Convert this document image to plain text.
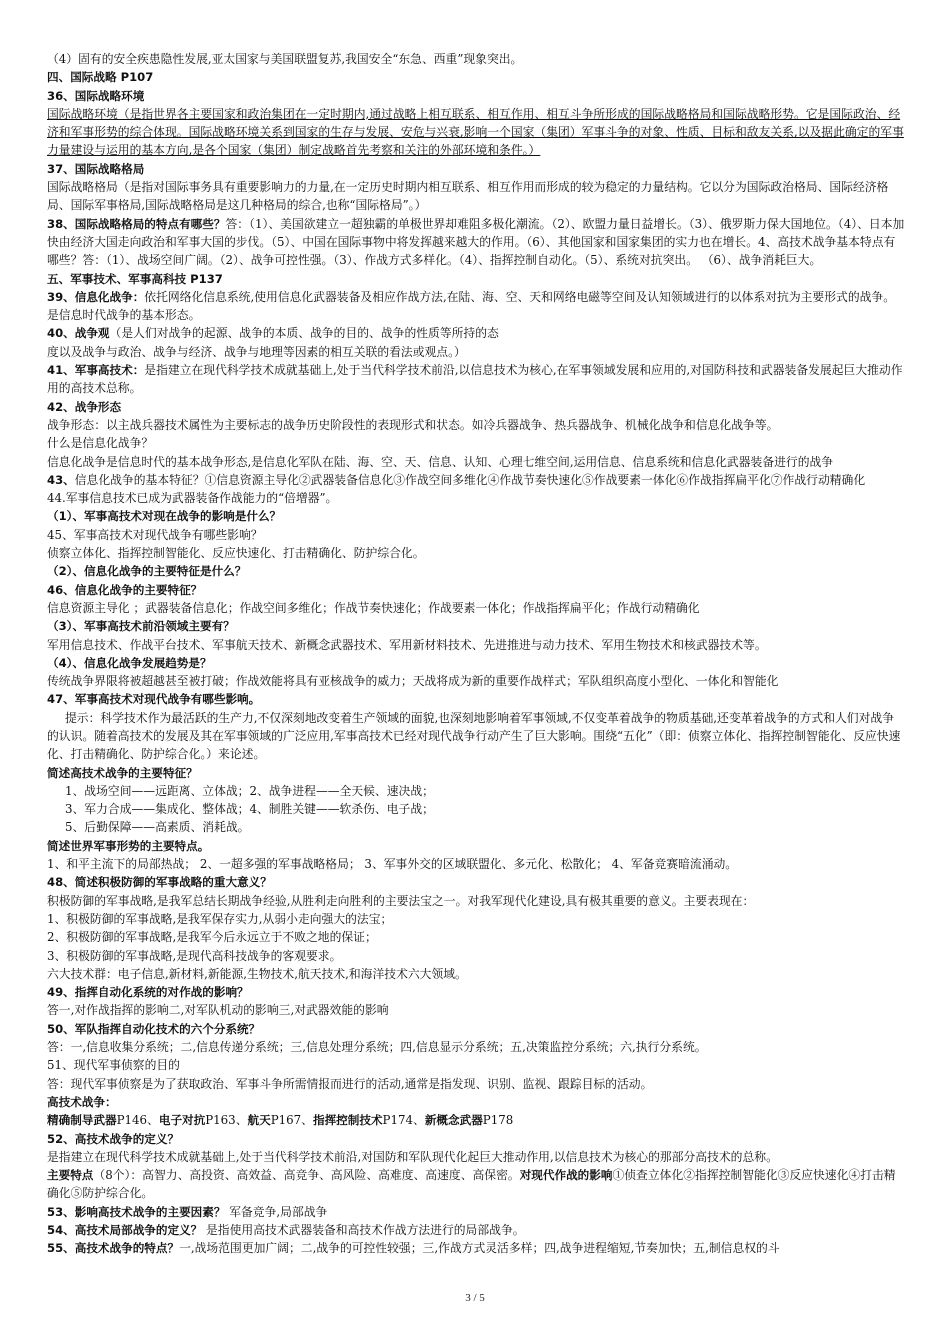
（4）固有的安全疾患隐性发展,亚太国家与美国联盟复苏,我国安全“东急、西重”现象突出。

四、国际战略 P107

36、国际战略环境

国际战略环境（是指世界各主要国家和政治集团在一定时期内,通过战略上相互联系、相互作用、相互斗争所形成的国际战略格局和国际战略形势。它是国际政治、经济和军事形势的综合体现。国际战略环境关系到国家的生存与发展、安危与兴衰,影响一个国家（集团）军事斗争的对象、性质、目标和敌友关系,以及据此确定的军事力量建设与运用的基本方向,是各个国家（集团）制定战略首先考察和关注的外部环境和条件。）

37、国际战略格局

国际战略格局（是指对国际事务具有重要影响力的力量,在一定历史时期内相互联系、相互作用而形成的较为稳定的力量结构。它以分为国际政治格局、国际经济格局、国际军事格局,国际战略格局是这几种格局的综合,也称“国际格局”。）

38、国际战略格局的特点有哪些？答：（1）、美国欲建立一超独霸的单极世界却难阻多极化潮流。（2）、欧盟力量日益增长。（3）、俄罗斯力保大国地位。（4）、日本加快由经济大国走向政治和军事大国的步伐。（5）、中国在国际事物中将发挥越来越大的作用。（6）、其他国家和国家集团的实力也在增长。4、高技术战争基本特点有哪些？答：（1）、战场空间广阔。（2）、战争可控性强。（3）、作战方式多样化。（4）、指挥控制自动化。（5）、系统对抗突出。 （6）、战争消耗巨大。

五、军事技术、军事高科技 P137

39、信息化战争：依托网络化信息系统,使用信息化武器装备及相应作战方法,在陆、海、空、天和网络电磁等空间及认知领域进行的以体系对抗为主要形式的战争。是信息时代战争的基本形态。

40、战争观（是人们对战争的起源、战争的本质、战争的目的、战争的性质等所持的态

度以及战争与政治、战争与经济、战争与地理等因素的相互关联的看法或观点。）

41、军事高技术：是指建立在现代科学技术成就基础上,处于当代科学技术前沿,以信息技术为核心,在军事领域发展和应用的,对国防科技和武器装备发展起巨大推动作用的高技术总称。

42、战争形态

战争形态：以主战兵器技术属性为主要标志的战争历史阶段性的表现形式和状态。如冷兵器战争、热兵器战争、机械化战争和信息化战争等。

什么是信息化战争？

信息化战争是信息时代的基本战争形态,是信息化军队在陆、海、空、天、信息、认知、心理七维空间,运用信息、信息系统和信息化武器装备进行的战争

43、信息化战争的基本特征？①信息资源主导化②武器装备信息化③作战空间多维化④作战节奏快速化⑤作战要素一体化⑥作战指挥扁平化⑦作战行动精确化

44.军事信息技术已成为武器装备作战能力的“倍增器”。

（1）、军事高技术对现在战争的影响是什么？

45、军事高技术对现代战争有哪些影响？

侦察立体化、指挥控制智能化、反应快速化、打击精确化、防护综合化。

（2）、信息化战争的主要特征是什么？

46、信息化战争的主要特征？

信息资源主导化 ；武器装备信息化；作战空间多维化；作战节奏快速化；作战要素一体化；作战指挥扁平化；作战行动精确化

（3）、军事高技术前沿领域主要有？

军用信息技术、作战平台技术、军事航天技术、新概念武器技术、军用新材料技术、先进推进与动力技术、军用生物技术和核武器技术等。

（4）、信息化战争发展趋势是？

传统战争界限将被超越甚至被打破；作战效能将具有亚核战争的威力；天战将成为新的重要作战样式；军队组织高度小型化、一体化和智能化

47、军事高技术对现代战争有哪些影响。

提示：科学技术作为最活跃的生产力,不仅深刻地改变着生产领域的面貌,也深刻地影响着军事领域,不仅变革着战争的物质基础,还变革着战争的方式和人们对战争的认识。随着高技术的发展及其在军事领域的广泛应用,军事高技术已经对现代战争行动产生了巨大影响。围绕“五化”（即：侦察立体化、指挥控制智能化、反应快速化、打击精确化、防护综合化。）来论述。

简述高技术战争的主要特征？

1、战场空间——远距离、立体战；2、战争进程——全天候、速决战；

3、军力合成——集成化、整体战；4、制胜关键——软杀伤、电子战；

5、后勤保障——高素质、消耗战。

简述世界军事形势的主要特点。

1、和平主流下的局部热战； 2、一超多强的军事战略格局； 3、军事外交的区域联盟化、多元化、松散化； 4、军备竞赛暗流涌动。

48、简述积极防御的军事战略的重大意义？

积极防御的军事战略,是我军总结长期战争经验,从胜利走向胜利的主要法宝之一。对我军现代化建设,具有极其重要的意义。主要表现在：

1、积极防御的军事战略,是我军保存实力,从弱小走向强大的法宝；

2、积极防御的军事战略,是我军今后永远立于不败之地的保证；

3、积极防御的军事战略,是现代高科技战争的客观要求。

六大技术群：电子信息,新材料,新能源,生物技术,航天技术,和海洋技术六大领域。

49、指挥自动化系统的对作战的影响？

答一,对作战指挥的影响二,对军队机动的影响三,对武器效能的影响

50、军队指挥自动化技术的六个分系统？

答：一,信息收集分系统；二,信息传递分系统；三,信息处理分系统；四,信息显示分系统；五,决策监控分系统；六,执行分系统。

51、现代军事侦察的目的

答：现代军事侦察是为了获取政治、军事斗争所需情报而进行的活动,通常是指发现、识别、监视、跟踪目标的活动。

高技术战争：

精确制导武器P146、电子对抗P163、航天P167、指挥控制技术P174、新概念武器P178

52、高技术战争的定义？

是指建立在现代科学技术成就基础上,处于当代科学技术前沿,对国防和军队现代化起巨大推动作用,以信息技术为核心的那部分高技术的总称。

主要特点（8个）：高智力、高投资、高效益、高竞争、高风险、高难度、高速度、高保密。对现代作战的影响①侦查立体化②指挥控制智能化③反应快速化④打击精确化⑤防护综合化。

53、影响高技术战争的主要因素？ 军备竞争,局部战争

54、高技术局部战争的定义？ 是指使用高技术武器装备和高技术作战方法进行的局部战争。

55、高技术战争的特点？一,战场范围更加广阔；二,战争的可控性较强；三,作战方式灵活多样；四,战争进程缩短,节奏加快；五,制信息权的斗

3 / 5
